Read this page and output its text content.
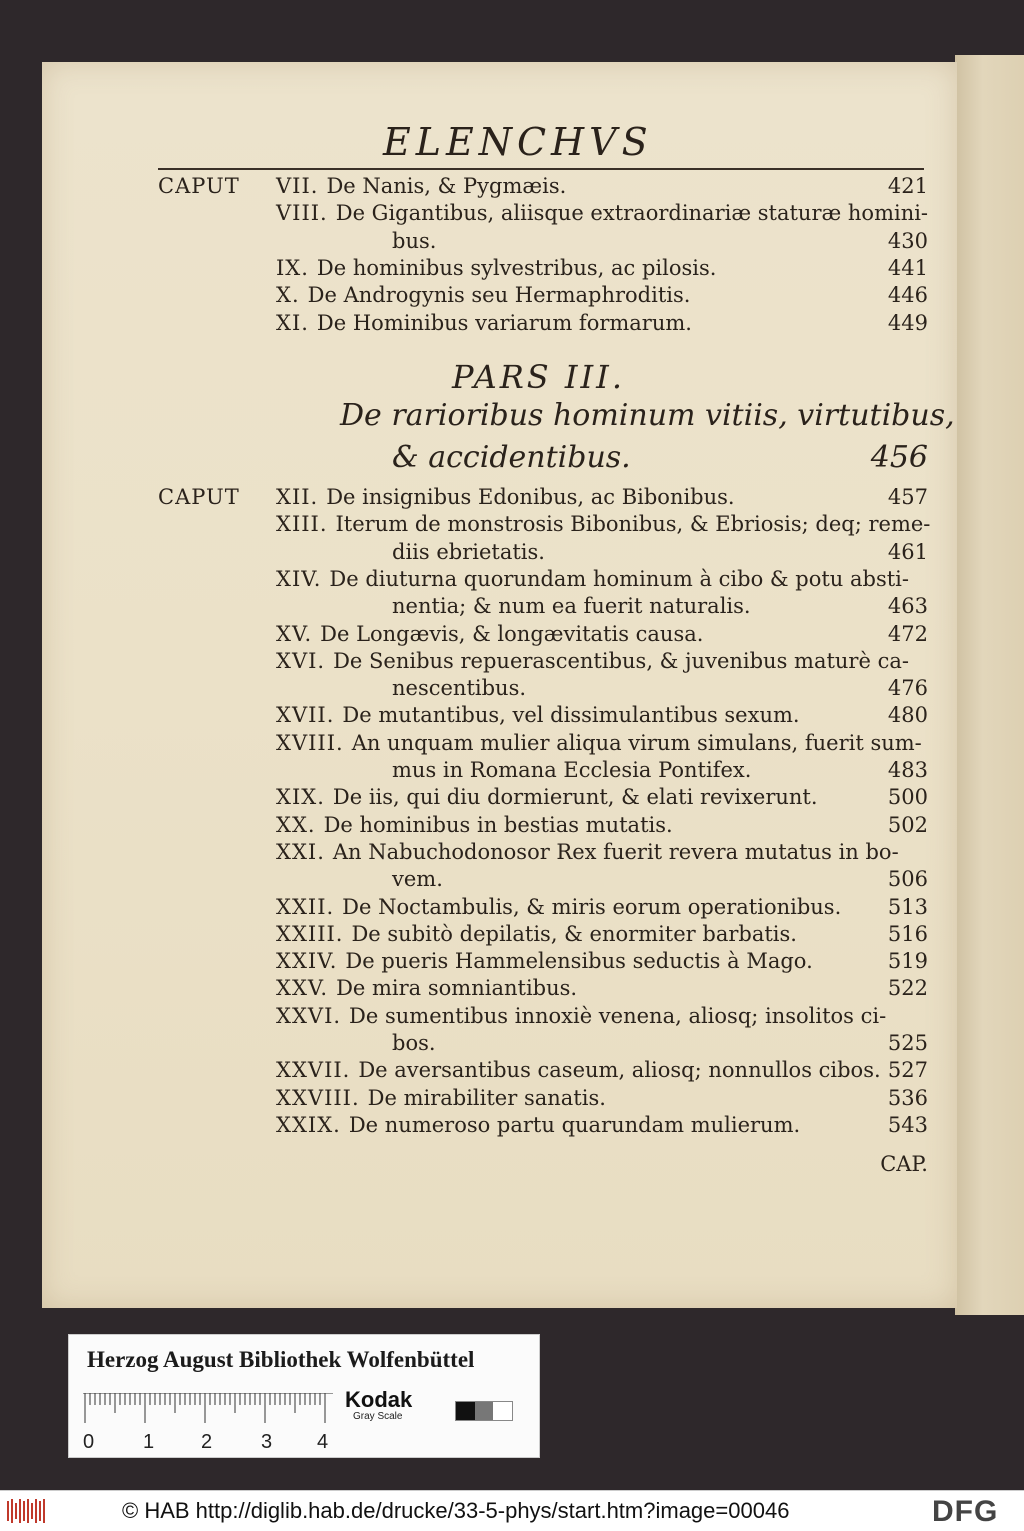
ELENCHVS
CAPUT VII. De Nanis, & Pygmæis.	421
VIII. De Gigantibus, aliisque extraordinariæ staturæ homini-
bus.	430
IX. De hominibus sylvestribus, ac pilosis.	441
X. De Androgynis seu Hermaphroditis.	446
XI. De Hominibus variarum formarum.	449
PARS III.
De rarioribus hominum vitiis, virtutibus,
& accidentibus.	456
CAPUT XII. De insignibus Edonibus, ac Bibonibus.	457
XIII. Iterum de monstrosis Bibonibus, & Ebriosis; deq; reme-
diis ebrietatis.	461
XIV. De diuturna quorundam hominum à cibo & potu absti-
nentia; & num ea fuerit naturalis.	463
XV. De Longævis, & longævitatis causa.	472
XVI. De Senibus repuerascentibus, & juvenibus maturè ca-
nescentibus.	476
XVII. De mutantibus, vel dissimulantibus sexum.	480
XVIII. An unquam mulier aliqua virum simulans, fuerit sum-
mus in Romana Ecclesia Pontifex.	483
XIX. De iis, qui diu dormierunt, & elati revixerunt.	500
XX. De hominibus in bestias mutatis.	502
XXI. An Nabuchodonosor Rex fuerit revera mutatus in bo-
vem.	506
XXII. De Noctambulis, & miris eorum operationibus.	513
XXIII. De subitò depilatis, & enormiter barbatis.	516
XXIV. De pueris Hammelensibus seductis à Mago.	519
XXV. De mira somniantibus.	522
XXVI. De sumentibus innoxiè venena, aliosq; insolitos ci-
bos.	525
XXVII. De aversantibus caseum, aliosq; nonnullos cibos. 527
XXVIII. De mirabiliter sanatis.	536
XXIX. De numeroso partu quarundam mulierum.	543
CAP.
Herzog August Bibliothek Wolfenbüttel
Kodak
Gray Scale
0 1 2 3 4
© HAB http://diglib.hab.de/drucke/33-5-phys/start.htm?image=00046	DFG
